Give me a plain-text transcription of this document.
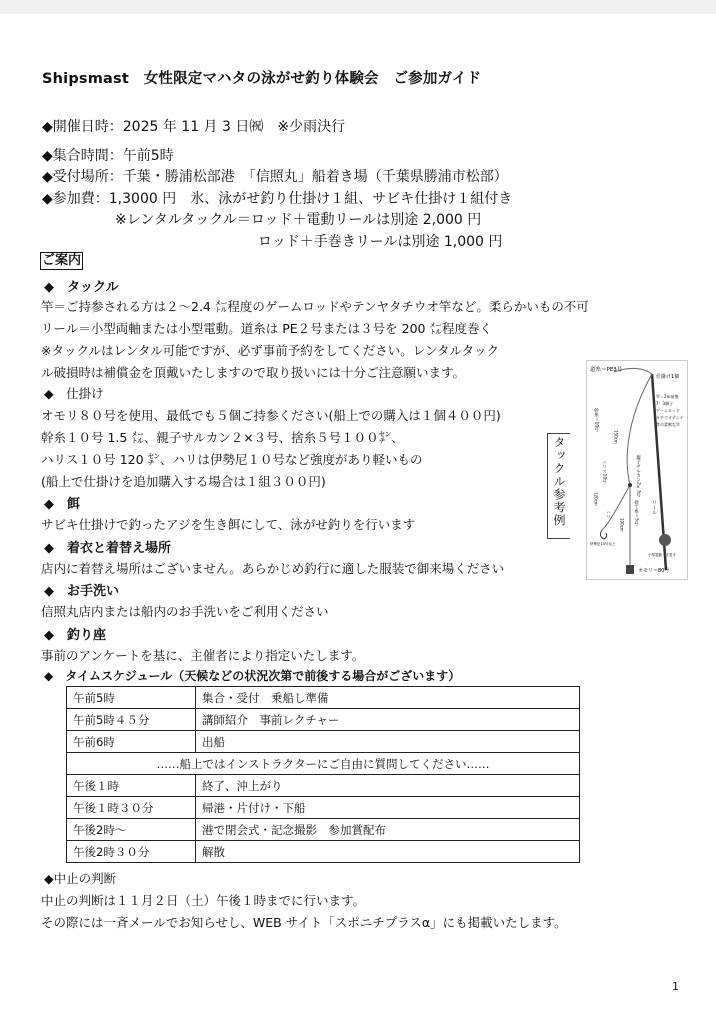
Shipsmast　女性限定マハタの泳がせ釣り体験会　ご参加ガイド
◆開催日時：2025 年 11 月 3 日㈷　※少雨決行
◆集合時間：午前5時
◆受付場所：千葉・勝浦松部港　「信照丸」船着き場（千葉県勝浦市松部）
◆参加費：1,3000 円　氷、泳がせ釣り仕掛け１組、サビキ仕掛け１組付き
※レンタルタックル＝ロッド＋電動リールは別途 2,000 円
ロッド＋手巻きリールは別途 1,000 円
ご案内
◆　タックル
竿＝ご持参される方は２～2.4 ㍍程度のゲームロッドやテンヤタチウオ竿など。柔らかいもの不可
リール＝小型両軸または小型電動。道糸は PE２号または３号を 200 ㍍程度巻く
※タックルはレンタル可能ですが、必ず事前予約をしてください。レンタルタック
ル破損時は補償金を頂戴いたしますので取り扱いには十分ご注意願います。
◆　仕掛け
オモリ８０号を使用、最低でも５個ご持参ください(船上での購入は１個４００円)
幹糸１０号 1.5 ㍍、親子サルカン２×３号、捨糸５号１００㌢、
ハリス１０号 120 ㌢、ハリは伊勢尼１０号など強度があり軽いもの
(船上で仕掛けを追加購入する場合は１組３００円)
◆　餌
サビキ仕掛けで釣ったアジを生き餌にして、泳がせ釣りを行います
◆　着衣と着替え場所
店内に着替え場所はございません。あらかじめ釣行に適した服装で御来場ください
◆　お手洗い
信照丸店内または船内のお手洗いをご利用ください
◆　釣り座
事前のアンケートを基に、主催者により指定いたします。
◆　タイムスケジュール（天候などの状況次第で前後する場合がございます）
午前5時	集合・受付　乗船し準備
午前5時４５分	講師紹介　事前レクチャー
午前6時	出船
……船上ではインストラクターにご自由に質問してください……	
午後１時	終了、沖上がり
午後１時３０分	帰港・片付け・下船
午後2時～	港で閉会式・記念撮影　参加賞配布
午後2時３０分	解散
◆中止の判断
中止の判断は１１月２日（土）午後１時までに行います。
その際には一斉メールでお知らせし、WEB サイト「スポニチプラスα」にも掲載いたします。
タックル参考例
道糸＝PE3号
仕掛け1個
竿＝2ｍ前後
7：3調子
ゲームロッド
タチウオテンヤ
等の柔軟な竿
幹糸＝10号
150cm
親子サルカン2×3号
ハリス10号
120cm
ハリ
伊勢尼10号など
捨て糸＝5号
100cm
リール
小型電動・手巻き
オモリ＝80号
1
